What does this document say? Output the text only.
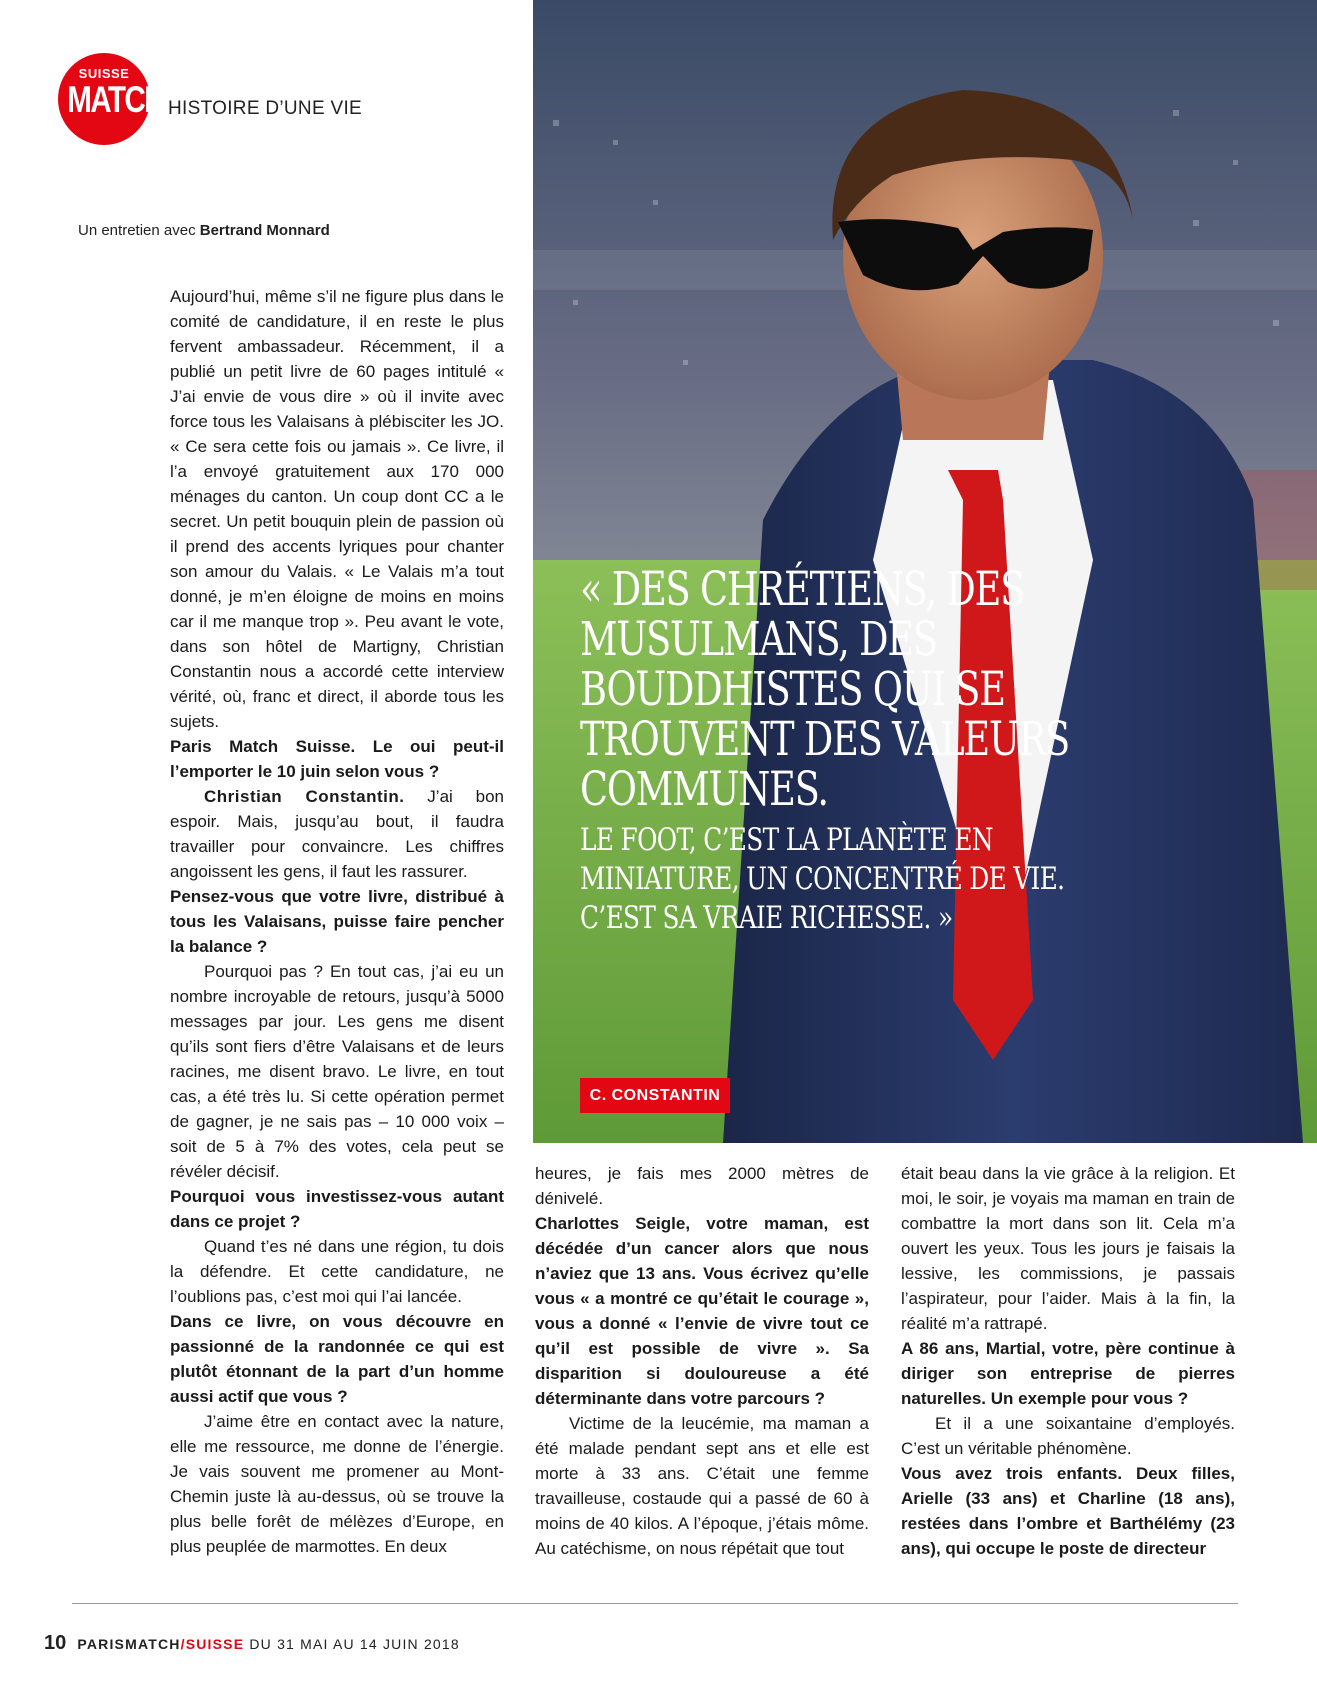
SUISSE
MATCH HISTOIRE D’UNE VIE
Un entretien avec Bertrand Monnard
« DES CHRÉTIENS, DES MUSULMANS, DES BOUDDHISTES QUI SE TROUVENT DES VALEURS COMMUNES.
LE FOOT, C’EST LA PLANÈTE EN MINIATURE, UN CONCENTRÉ DE VIE. C’EST SA VRAIE RICHESSE. »
C. CONSTANTIN

Aujourd’hui, même s’il ne figure plus dans le comité de candidature, il en reste le plus fervent ambassadeur. Récemment, il a publié un petit livre de 60 pages intitulé « J’ai envie de vous dire » où il invite avec force tous les Valaisans à plébisciter les JO. « Ce sera cette fois ou jamais ». Ce livre, il l’a envoyé gratuitement aux 170 000 ménages du canton. Un coup dont CC a le secret. Un petit bouquin plein de passion où il prend des accents lyriques pour chanter son amour du Valais. « Le Valais m’a tout donné, je m’en éloigne de moins en moins car il me manque trop ». Peu avant le vote, dans son hôtel de Martigny, Christian Constantin nous a accordé cette interview vérité, où, franc et direct, il aborde tous les sujets.

Paris Match Suisse. Le oui peut-il l’emporter le 10 juin selon vous ?

Christian Constantin. J’ai bon espoir. Mais, jusqu’au bout, il faudra travailler pour convaincre. Les chiffres angoissent les gens, il faut les rassurer.

Pensez-vous que votre livre, distribué à tous les Valaisans, puisse faire pencher la balance ?

Pourquoi pas ? En tout cas, j’ai eu un nombre incroyable de retours, jusqu’à 5000 messages par jour. Les gens me disent qu’ils sont fiers d’être Valaisans et de leurs racines, me disent bravo. Le livre, en tout cas, a été très lu. Si cette opération permet de gagner, je ne sais pas – 10 000 voix – soit de 5 à 7% des votes, cela peut se révéler décisif.

Pourquoi vous investissez-vous autant dans ce projet ?

Quand t’es né dans une région, tu dois la défendre. Et cette candidature, ne l’oublions pas, c’est moi qui l’ai lancée.

Dans ce livre, on vous découvre en passionné de la randonnée ce qui est plutôt étonnant de la part d’un homme aussi actif que vous ?

J’aime être en contact avec la nature, elle me ressource, me donne de l’énergie. Je vais souvent me promener au Mont-Chemin juste là au-dessus, où se trouve la plus belle forêt de mélèzes d’Europe, en plus peuplée de marmottes. En deux

heures, je fais mes 2000 mètres de dénivelé.

Charlottes Seigle, votre maman, est décédée d’un cancer alors que nous n’aviez que 13 ans. Vous écrivez qu’elle vous « a montré ce qu’était le courage », vous a donné « l’envie de vivre tout ce qu’il est possible de vivre ». Sa disparition si douloureuse a été déterminante dans votre parcours ?

Victime de la leucémie, ma maman a été malade pendant sept ans et elle est morte à 33 ans. C’était une femme travailleuse, costaude qui a passé de 60 à moins de 40 kilos. A l’époque, j’étais môme. Au catéchisme, on nous répétait que tout

était beau dans la vie grâce à la religion. Et moi, le soir, je voyais ma maman en train de combattre la mort dans son lit. Cela m’a ouvert les yeux. Tous les jours je faisais la lessive, les commissions, je passais l’aspirateur, pour l’aider. Mais à la fin, la réalité m’a rattrapé.

A 86 ans, Martial, votre, père continue à diriger son entreprise de pierres naturelles. Un exemple pour vous ?

Et il a une soixantaine d’employés. C’est un véritable phénomène.

Vous avez trois enfants. Deux filles, Arielle (33 ans) et Charline (18 ans), restées dans l’ombre et Barthélémy (23 ans), qui occupe le poste de directeur

10 PARISMATCH/SUISSE DU 31 MAI AU 14 JUIN 2018
